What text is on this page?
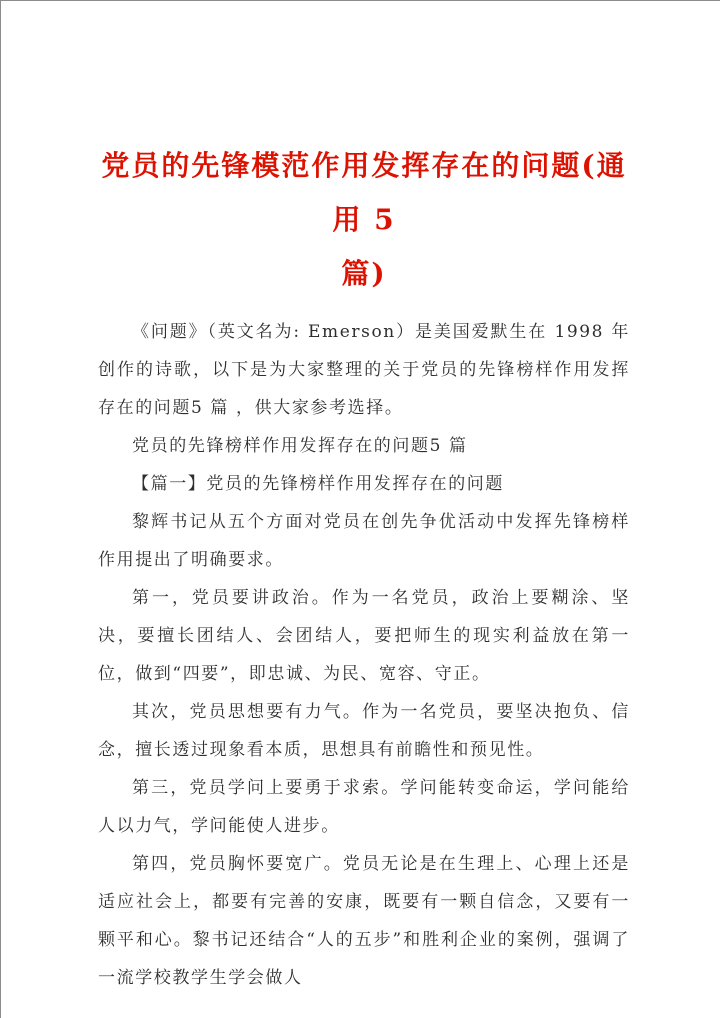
党员的先锋模范作用发挥存在的问题(通用 5
篇)

《问题》（英文名为: Emerson）是美国爱默生在 1998 年创作的诗歌，以下是为大家整理的关于党员的先锋榜样作用发挥存在的问题5 篇 ，供大家参考选择。

党员的先锋榜样作用发挥存在的问题5 篇

【篇一】党员的先锋榜样作用发挥存在的问题

黎辉书记从五个方面对党员在创先争优活动中发挥先锋榜样作用提出了明确要求。

第一，党员要讲政治。作为一名党员，政治上要糊涂、坚决，要擅长团结人、会团结人，要把师生的现实利益放在第一位，做到“四要”，即忠诚、为民、宽容、守正。

其次，党员思想要有力气。作为一名党员，要坚决抱负、信念，擅长透过现象看本质，思想具有前瞻性和预见性。

第三，党员学问上要勇于求索。学问能转变命运，学问能给人以力气，学问能使人进步。

第四，党员胸怀要宽广。党员无论是在生理上、心理上还是适应社会上，都要有完善的安康，既要有一颗自信念，又要有一颗平和心。黎书记还结合“人的五步”和胜利企业的案例，强调了一流学校教学生学会做人
